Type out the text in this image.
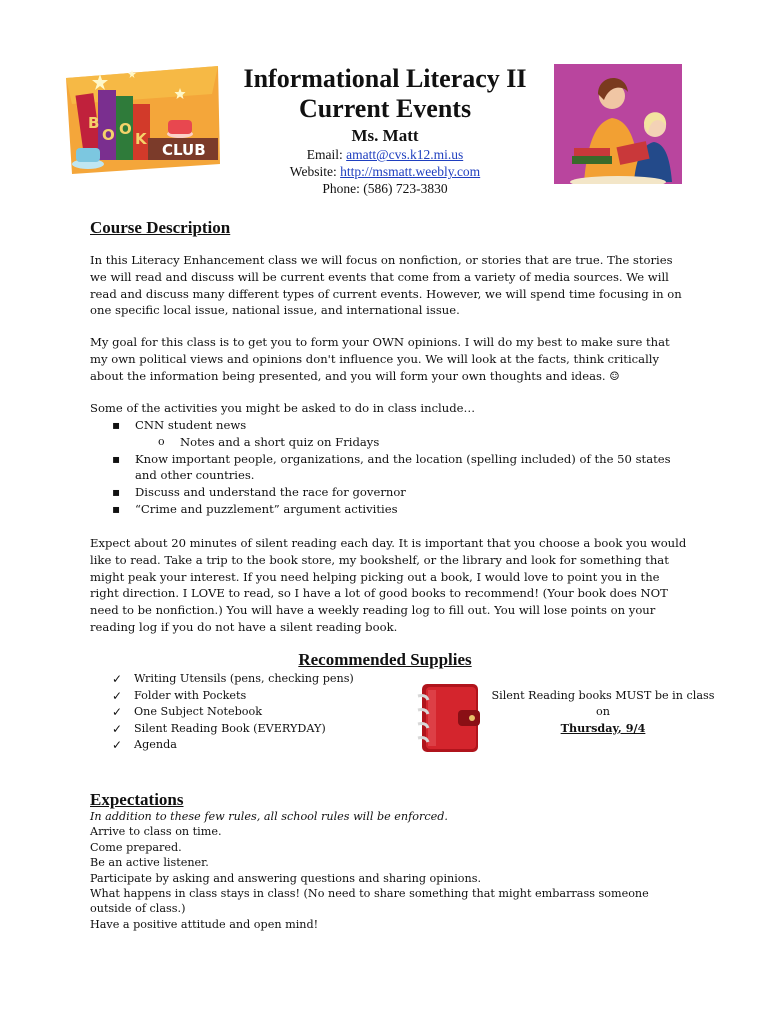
B
O O
K
CLUB
Informational Literacy II
Current Events
Ms. Matt
Email: amatt@cvs.k12.mi.us
Website: http://msmatt.weebly.com
Phone: (586) 723-3830
Course Description
In this Literacy Enhancement class we will focus on nonfiction, or stories that are true. The stories we will read and discuss will be current events that come from a variety of media sources. We will read and discuss many different types of current events. However, we will spend time focusing in on one specific local issue, national issue, and international issue.
My goal for this class is to get you to form your OWN opinions. I will do my best to make sure that my own political views and opinions don't influence you. We will look at the facts, think critically about the information being presented, and you will form your own thoughts and ideas. ☺
Some of the activities you might be asked to do in class include…
▪ CNN student news
o Notes and a short quiz on Fridays
▪ Know important people, organizations, and the location (spelling included) of the 50 states and other countries.
▪ Discuss and understand the race for governor
▪ “Crime and puzzlement” argument activities
Expect about 20 minutes of silent reading each day. It is important that you choose a book you would like to read. Take a trip to the book store, my bookshelf, or the library and look for something that might peak your interest. If you need helping picking out a book, I would love to point you in the right direction. I LOVE to read, so I have a lot of good books to recommend! (Your book does NOT need to be nonfiction.) You will have a weekly reading log to fill out. You will lose points on your reading log if you do not have a silent reading book.
Recommended Supplies
✓ Writing Utensils (pens, checking pens)
✓ Folder with Pockets
✓ One Subject Notebook
✓ Silent Reading Book (EVERYDAY)
✓ Agenda
Silent Reading books MUST be in class on
Thursday, 9/4
Expectations
In addition to these few rules, all school rules will be enforced.
Arrive to class on time.
Come prepared.
Be an active listener.
Participate by asking and answering questions and sharing opinions.
What happens in class stays in class! (No need to share something that might embarrass someone outside of class.)
Have a positive attitude and open mind!
